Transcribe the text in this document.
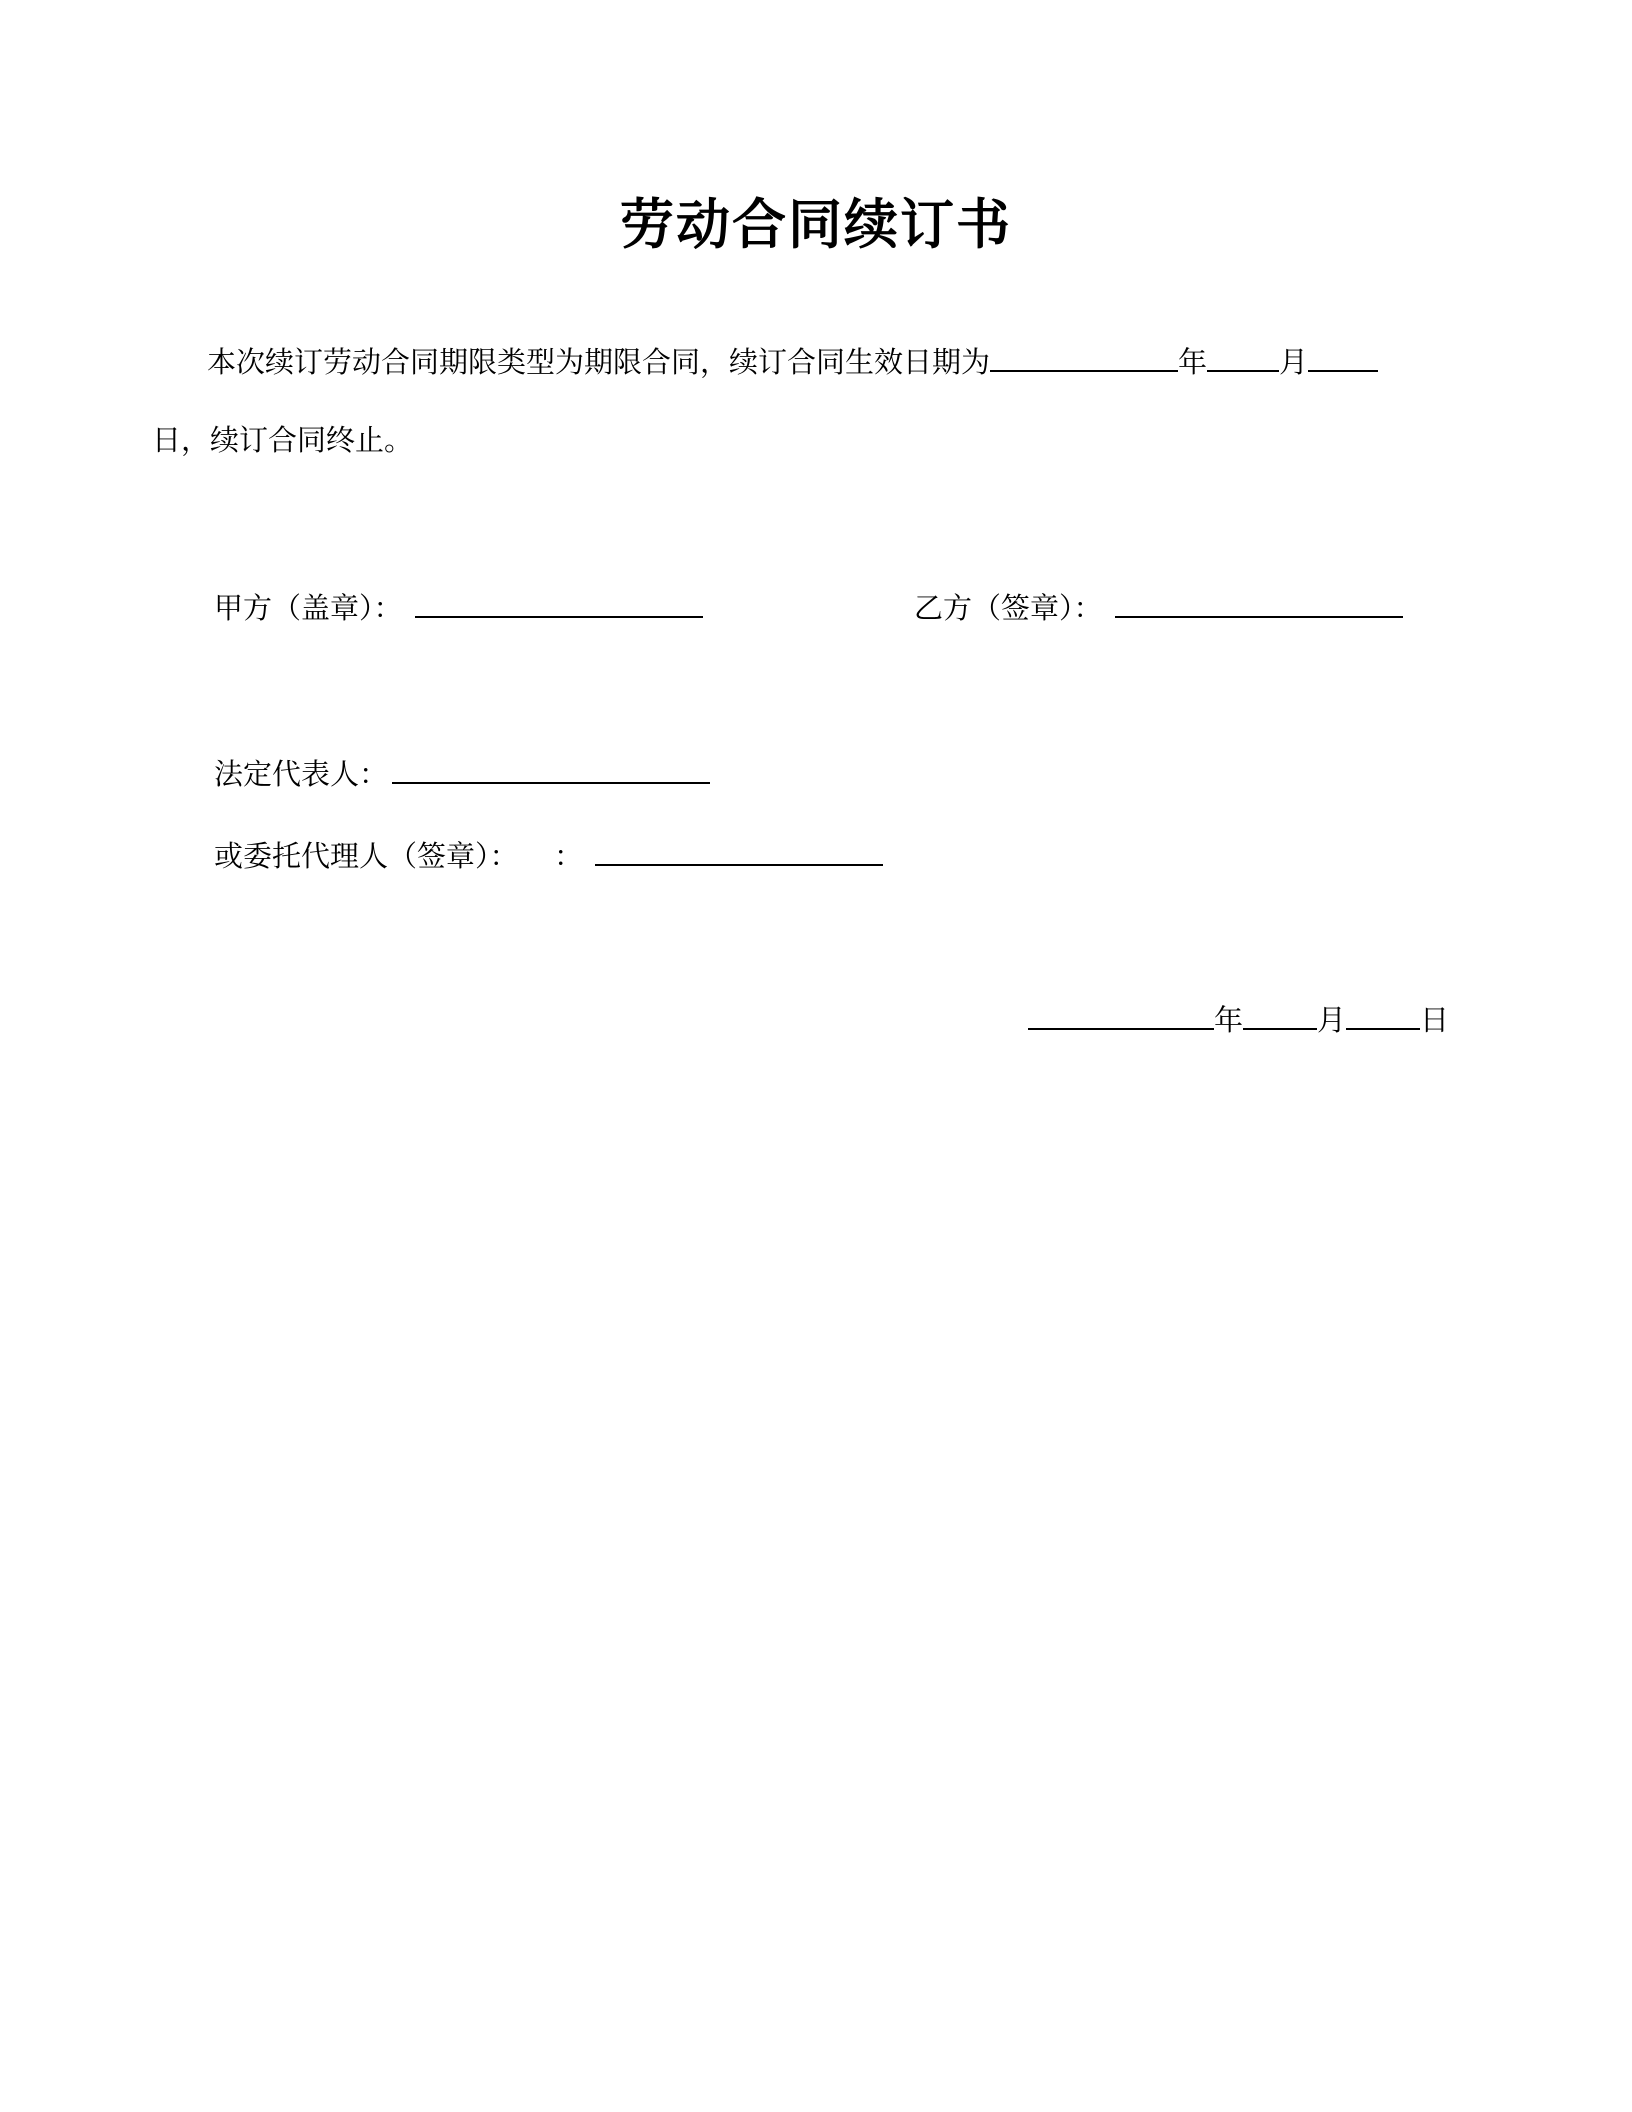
劳动合同续订书
本次续订劳动合同期限类型为期限合同，续订合同生效日期为	年 月
日，续订合同终止。
甲方（盖章）：	乙方（签章）：
法定代表人：
或委托代理人（签章）： ：
年	月	日
